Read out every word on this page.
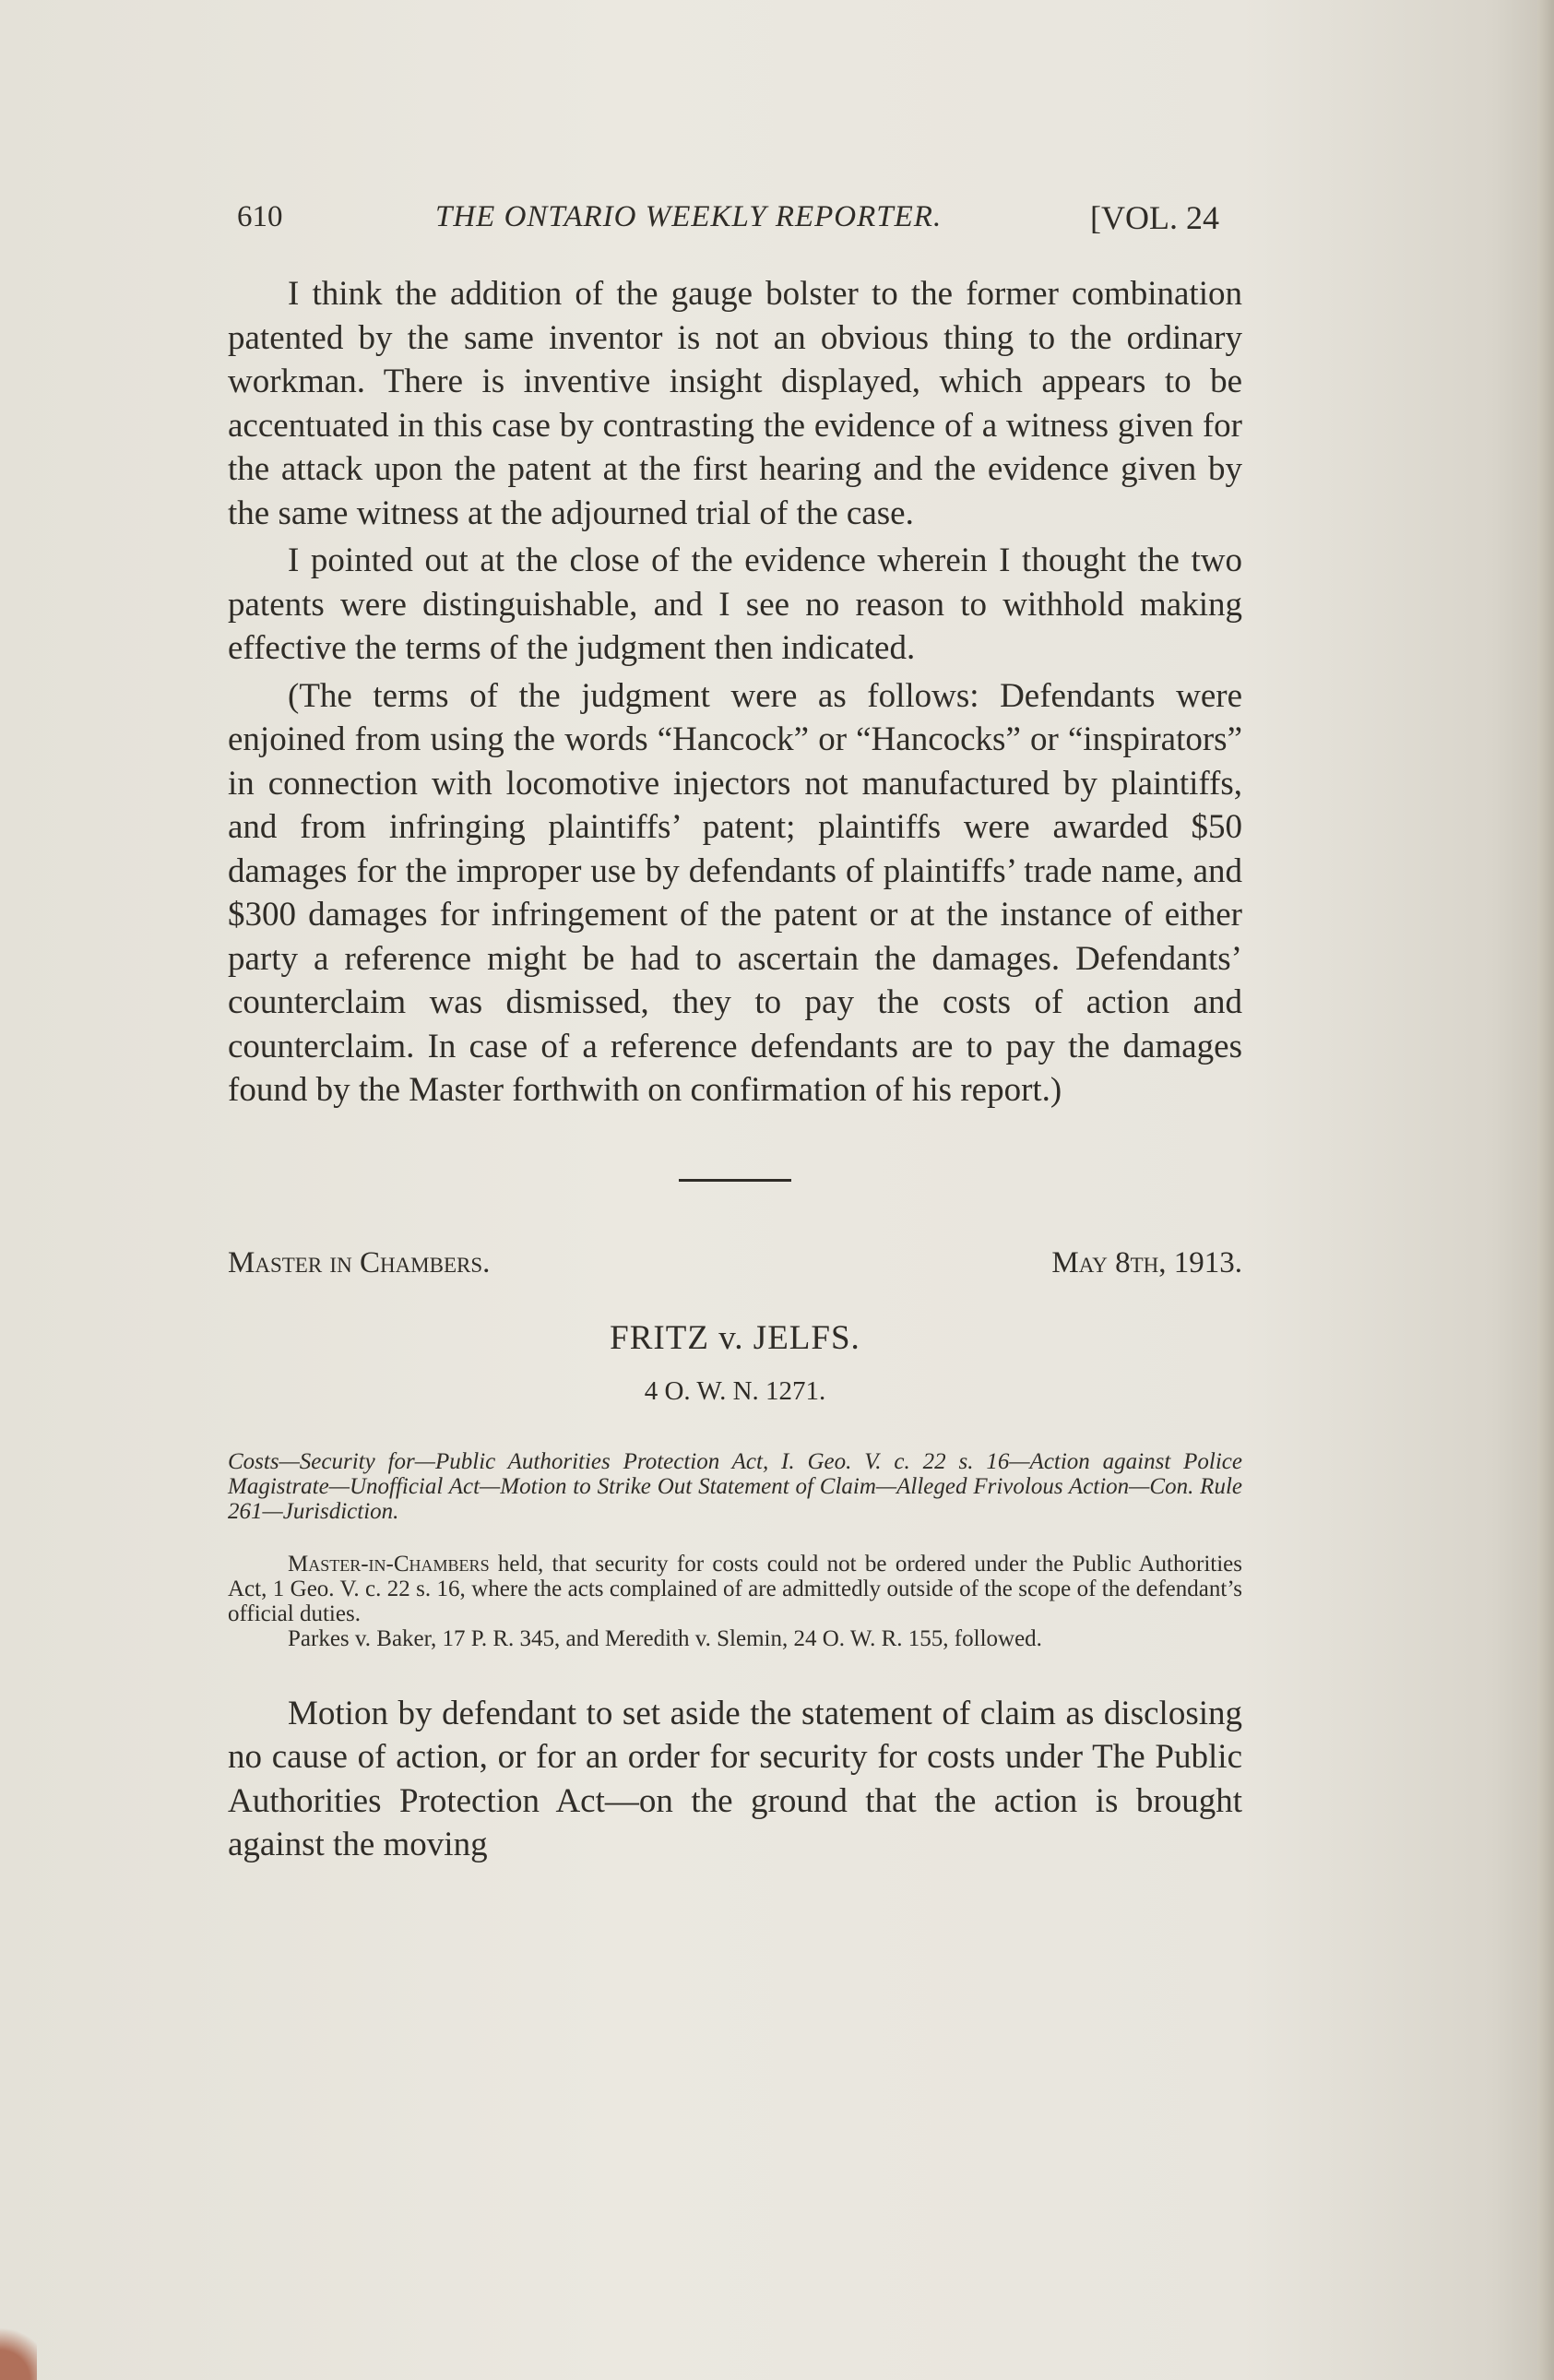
610	THE ONTARIO WEEKLY REPORTER.	[VOL. 24

I think the addition of the gauge bolster to the former combination patented by the same inventor is not an obvious thing to the ordinary workman. There is inventive insight displayed, which appears to be accentuated in this case by contrasting the evidence of a witness given for the attack upon the patent at the first hearing and the evidence given by the same witness at the adjourned trial of the case.

I pointed out at the close of the evidence wherein I thought the two patents were distinguishable, and I see no reason to withhold making effective the terms of the judgment then indicated.

(The terms of the judgment were as follows: Defendants were enjoined from using the words “Hancock” or “Hancocks” or “inspirators” in connection with locomotive injectors not manufactured by plaintiffs, and from infringing plaintiffs’ patent; plaintiffs were awarded $50 damages for the improper use by defendants of plaintiffs’ trade name, and $300 damages for infringement of the patent or at the instance of either party a reference might be had to ascertain the damages. Defendants’ counterclaim was dismissed, they to pay the costs of action and counterclaim. In case of a reference defendants are to pay the damages found by the Master forthwith on confirmation of his report.)

Master in Chambers.	May 8th, 1913.
FRITZ v. JELFS.
4 O. W. N. 1271.

Costs—Security for—Public Authorities Protection Act, I. Geo. V. c. 22 s. 16—Action against Police Magistrate—Unofficial Act—Motion to Strike Out Statement of Claim—Alleged Frivolous Action—Con. Rule 261—Jurisdiction.

Master-in-Chambers held, that security for costs could not be ordered under the Public Authorities Act, 1 Geo. V. c. 22 s. 16, where the acts complained of are admittedly outside of the scope of the defendant’s official duties.

Parkes v. Baker, 17 P. R. 345, and Meredith v. Slemin, 24 O. W. R. 155, followed.

Motion by defendant to set aside the statement of claim as disclosing no cause of action, or for an order for security for costs under The Public Authorities Protection Act—on the ground that the action is brought against the moving
